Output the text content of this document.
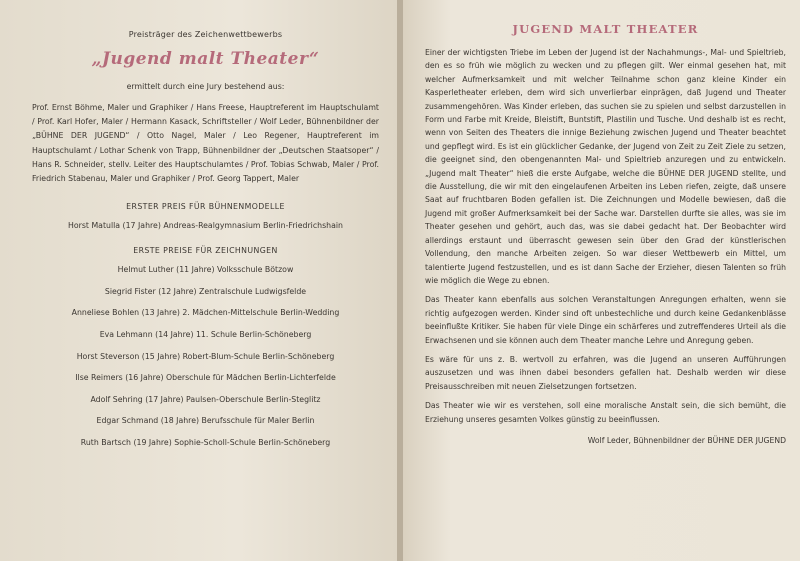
Preisträger des Zeichenwettbewerbs

„Jugend malt Theater“

ermittelt durch eine Jury bestehend aus:

Prof. Ernst Böhme, Maler und Graphiker / Hans Freese, Hauptreferent im Hauptschulamt / Prof. Karl Hofer, Maler / Hermann Kasack, Schriftsteller / Wolf Leder, Bühnenbildner der „BÜHNE DER JUGEND“ / Otto Nagel, Maler / Leo Regener, Hauptreferent im Hauptschulamt / Lothar Schenk von Trapp, Bühnenbildner der „Deutschen Staatsoper“ / Hans R. Schneider, stellv. Leiter des Hauptschulamtes / Prof. Tobias Schwab, Maler / Prof. Friedrich Stabenau, Maler und Graphiker / Prof. Georg Tappert, Maler

ERSTER PREIS FÜR BÜHNENMODELLE

Horst Matulla (17 Jahre) Andreas-Realgymnasium Berlin-Friedrichshain

ERSTE PREISE FÜR ZEICHNUNGEN

Helmut Luther (11 Jahre) Volksschule Bötzow

Siegrid Fister (12 Jahre) Zentralschule Ludwigsfelde

Anneliese Bohlen (13 Jahre) 2. Mädchen-Mittelschule Berlin-Wedding

Eva Lehmann (14 Jahre) 11. Schule Berlin-Schöneberg

Horst Steverson (15 Jahre) Robert-Blum-Schule Berlin-Schöneberg

Ilse Reimers (16 Jahre) Oberschule für Mädchen Berlin-Lichterfelde

Adolf Sehring (17 Jahre) Paulsen-Oberschule Berlin-Steglitz

Edgar Schmand (18 Jahre) Berufsschule für Maler Berlin

Ruth Bartsch (19 Jahre) Sophie-Scholl-Schule Berlin-Schöneberg

JUGEND MALT THEATER

Einer der wichtigsten Triebe im Leben der Jugend ist der Nachahmungs-, Mal- und Spieltrieb, den es so früh wie möglich zu wecken und zu pflegen gilt. Wer einmal gesehen hat, mit welcher Aufmerksamkeit und mit welcher Teilnahme schon ganz kleine Kinder ein Kasperletheater erleben, dem wird sich unverlierbar einprägen, daß Jugend und Theater zusammengehören. Was Kinder erleben, das suchen sie zu spielen und selbst darzustellen in Form und Farbe mit Kreide, Bleistift, Buntstift, Plastilin und Tusche. Und deshalb ist es recht, wenn von Seiten des Theaters die innige Beziehung zwischen Jugend und Theater beachtet und gepflegt wird. Es ist ein glücklicher Gedanke, der Jugend von Zeit zu Zeit Ziele zu setzen, die geeignet sind, den obengenannten Mal- und Spieltrieb anzuregen und zu entwickeln. „Jugend malt Theater“ hieß die erste Aufgabe, welche die BÜHNE DER JUGEND stellte, und die Ausstellung, die wir mit den eingelaufenen Arbeiten ins Leben riefen, zeigte, daß unsere Saat auf fruchtbaren Boden gefallen ist. Die Zeichnungen und Modelle bewiesen, daß die Jugend mit großer Aufmerksamkeit bei der Sache war. Darstellen durfte sie alles, was sie im Theater gesehen und gehört, auch das, was sie dabei gedacht hat. Der Beobachter wird allerdings erstaunt und überrascht gewesen sein über den Grad der künstlerischen Vollendung, den manche Arbeiten zeigen. So war dieser Wettbewerb ein Mittel, um talentierte Jugend festzustellen, und es ist dann Sache der Erzieher, diesen Talenten so früh wie möglich die Wege zu ebnen.

Das Theater kann ebenfalls aus solchen Veranstaltungen Anregungen erhalten, wenn sie richtig aufgezogen werden. Kinder sind oft unbestechliche und durch keine Gedankenblässe beeinflußte Kritiker. Sie haben für viele Dinge ein schärferes und zutreffenderes Urteil als die Erwachsenen und sie können auch dem Theater manche Lehre und Anregung geben.

Es wäre für uns z. B. wertvoll zu erfahren, was die Jugend an unseren Aufführungen auszusetzen und was ihnen dabei besonders gefallen hat. Deshalb werden wir diese Preisausschreiben mit neuen Zielsetzungen fortsetzen.

Das Theater wie wir es verstehen, soll eine moralische Anstalt sein, die sich bemüht, die Erziehung unseres gesamten Volkes günstig zu beeinflussen.

Wolf Leder, Bühnenbildner der BÜHNE DER JUGEND
